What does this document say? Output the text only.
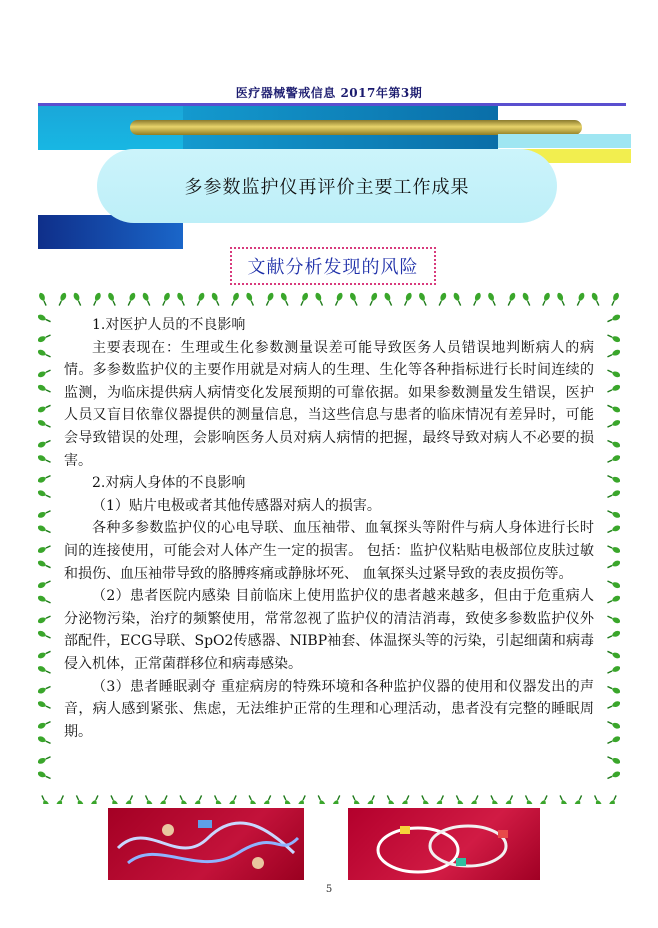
医疗器械警戒信息 2017年第3期
多参数监护仪再评价主要工作成果
文献分析发现的风险

1.对医护人员的不良影响

主要表现在：生理或生化参数测量误差可能导致医务人员错误地判断病人的病情。多参数监护仪的主要作用就是对病人的生理、生化等各种指标进行长时间连续的监测，为临床提供病人病情变化发展预期的可靠依据。如果参数测量发生错误，医护人员又盲目依靠仪器提供的测量信息，当这些信息与患者的临床情况有差异时，可能会导致错误的处理，会影响医务人员对病人病情的把握，最终导致对病人不必要的损害。

2.对病人身体的不良影响

（1）贴片电极或者其他传感器对病人的损害。

各种多参数监护仪的心电导联、血压袖带、血氧探头等附件与病人身体进行长时间的连接使用，可能会对人体产生一定的损害。 包括：监护仪粘贴电极部位皮肤过敏和损伤、血压袖带导致的胳膊疼痛或静脉坏死、 血氧探头过紧导致的表皮损伤等。

（2）患者医院内感染 目前临床上使用监护仪的患者越来越多，但由于危重病人分泌物污染，治疗的频繁使用，常常忽视了监护仪的清洁消毒，致使多参数监护仪外部配件，ECG导联、SpO2传感器、NIBP袖套、体温探头等的污染，引起细菌和病毒侵入机体，正常菌群移位和病毒感染。

（3）患者睡眠剥夺 重症病房的特殊环境和各种监护仪器的使用和仪器发出的声音，病人感到紧张、焦虑，无法维护正常的生理和心理活动，患者没有完整的睡眠周期。

5
